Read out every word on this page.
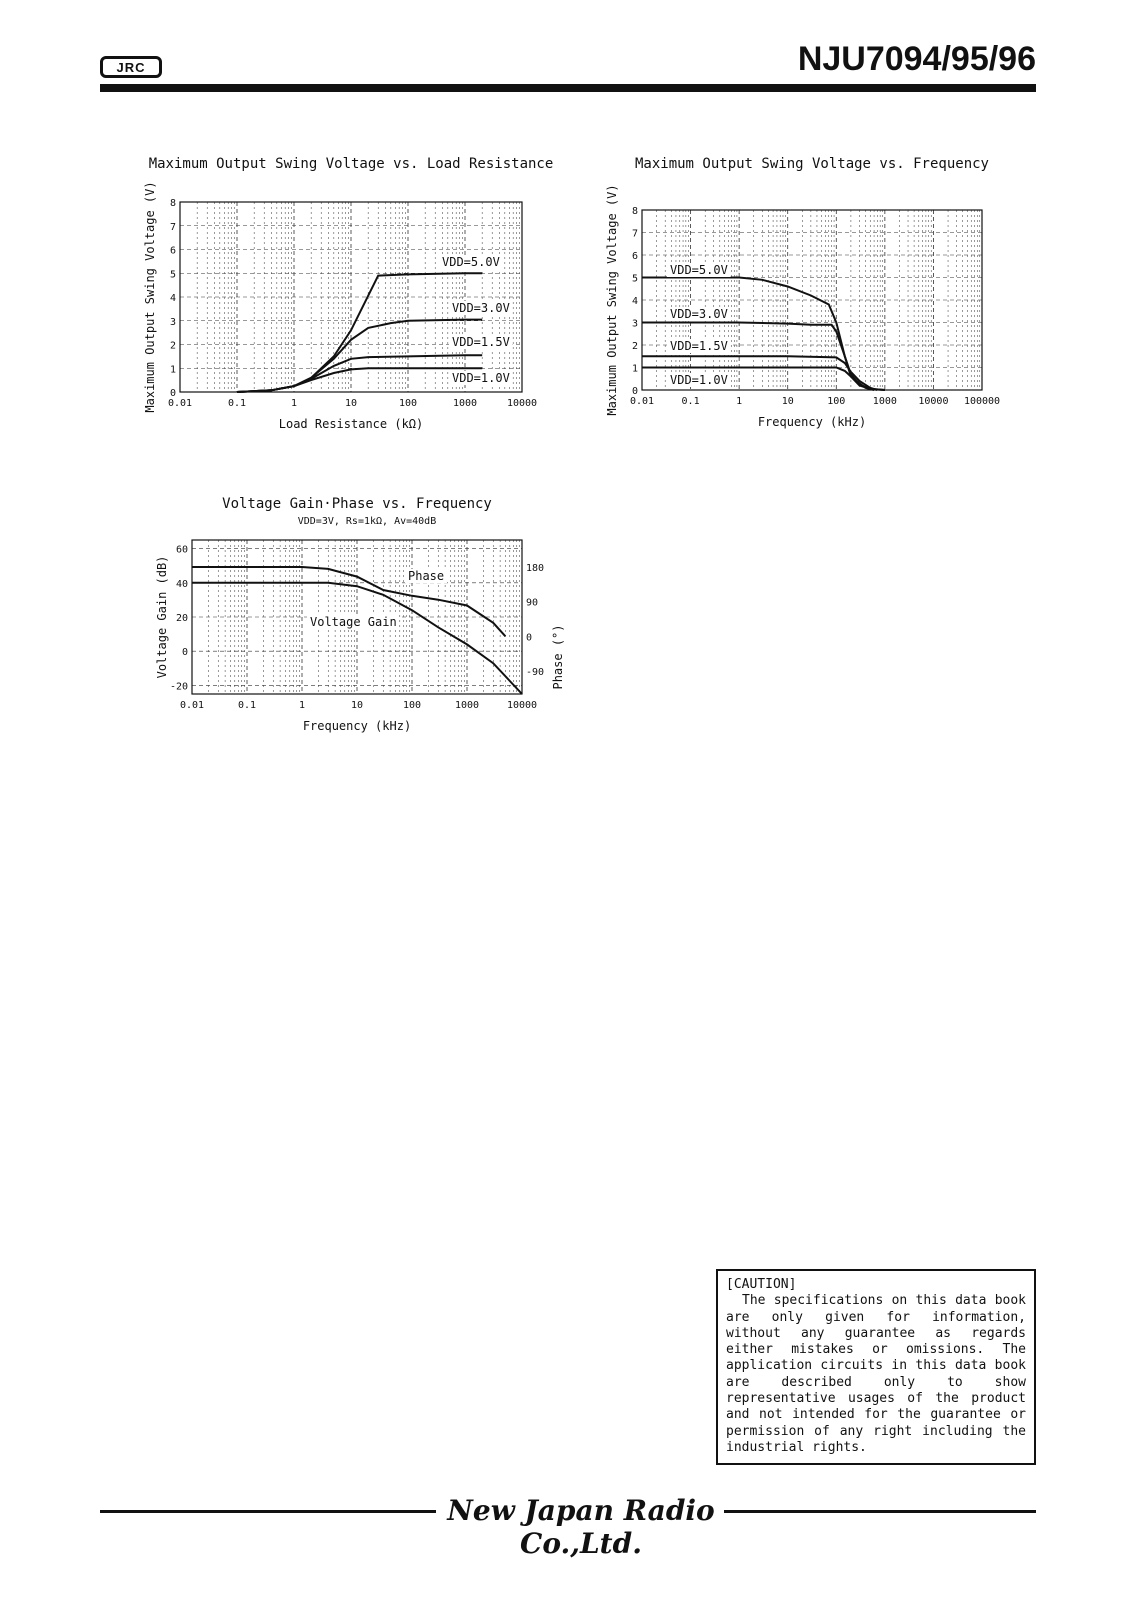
JRC	NJU7094/95/96
Maximum Output Swing Voltage vs. Load Resistance
0.01	0.1	1	10	100	1000	10000
0
1
2
3
4
5
6
7
8
Load Resistance (kΩ)
Maximum Output Swing Voltage (V)	VDD=5.0V
VDD=3.0V
VDD=1.5V
VDD=1.0V
Maximum Output Swing Voltage vs. Frequency
0.01	0.1	1	10	100	1000 10000 100000
0
1
2
3
4
5
6
7
8
Frequency (kHz)
Maximum Output Swing Voltage (V)	VDD=5.0V
VDD=3.0V
VDD=1.5V
VDD=1.0V
Voltage Gain·Phase vs. Frequency
VDD=3V, Rs=1kΩ, Av=40dB
0.01	0.1	1	10	100	1000	10000
-20
0
20
40
60
-90
0
90
180
Frequency (kHz)
Voltage Gain (dB)	Phase (°)
Voltage Gain
Phase
[CAUTION]
The specifications on this data book are only given for information, without any guarantee as regards either mistakes or omissions. The application circuits in this data book are described only to show representative usages of the product and not intended for the guarantee or permission of any right including the industrial rights.
New Japan Radio Co.,Ltd.
